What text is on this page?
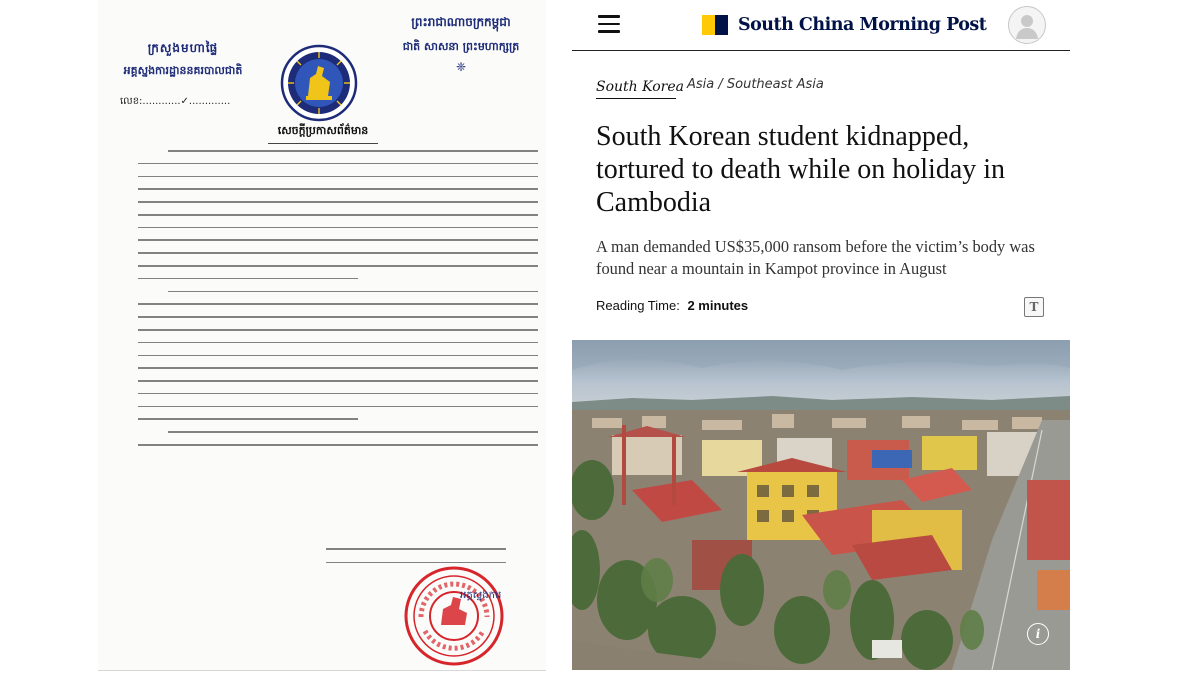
ក្រសួងមហាផ្ទៃ
អគ្គស្នងការដ្ឋាននគរបាលជាតិ
លេខ:............✓.............
ព្រះរាជាណាចក្រកម្ពុជា
ជាតិ សាសនា ព្រះមហាក្សត្រ
❈
សេចក្ដីប្រកាសព័ត៌មាន
អគ្គស្នងការ
South China Morning Post
South Korea Asia / Southeast Asia
South Korean student kidnapped, tortured to death while on holiday in Cambodia
A man demanded US$35,000 ransom before the victim’s body was found near a mountain in Kampot province in August
Reading Time: 2 minutes	T
i
